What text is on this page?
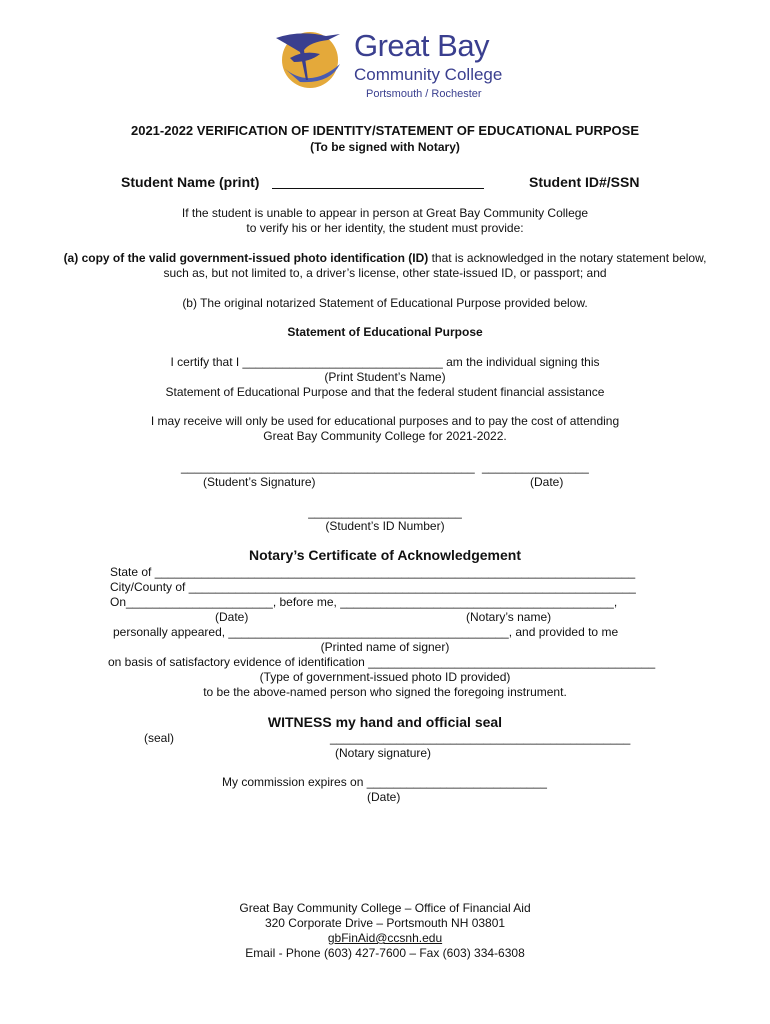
Great Bay
Community College
Portsmouth / Rochester
2021-2022 VERIFICATION OF IDENTITY/STATEMENT OF EDUCATIONAL PURPOSE
(To be signed with Notary)
Student Name (print)	Student ID#/SSN
If the student is unable to appear in person at Great Bay Community College
to verify his or her identity, the student must provide:
(a) copy of the valid government-issued photo identification (ID) that is acknowledged in the notary statement below,
such as, but not limited to, a driver’s license, other state-issued ID, or passport; and
(b) The original notarized Statement of Educational Purpose provided below.
Statement of Educational Purpose
I certify that I ______________________________ am the individual signing this
(Print Student’s Name)
Statement of Educational Purpose and that the federal student financial assistance
I may receive will only be used for educational purposes and to pay the cost of attending
Great Bay Community College for 2021-2022.
____________________________________________ ________________
(Student’s Signature)	(Date)
_______________________
(Student’s ID Number)
Notary’s Certificate of Acknowledgement
State of ________________________________________________________________________
City/County of ___________________________________________________________________
On______________________, before me, _________________________________________,
(Date)	(Notary’s name)
personally appeared, __________________________________________, and provided to me
(Printed name of signer)
on basis of satisfactory evidence of identification ___________________________________________
(Type of government-issued photo ID provided)
to be the above-named person who signed the foregoing instrument.
WITNESS my hand and official seal
(seal)	_____________________________________________
(Notary signature)
My commission expires on ___________________________
(Date)
Great Bay Community College – Office of Financial Aid
320 Corporate Drive – Portsmouth NH 03801
gbFinAid@ccsnh.edu
Email - Phone (603) 427-7600 – Fax (603) 334-6308
